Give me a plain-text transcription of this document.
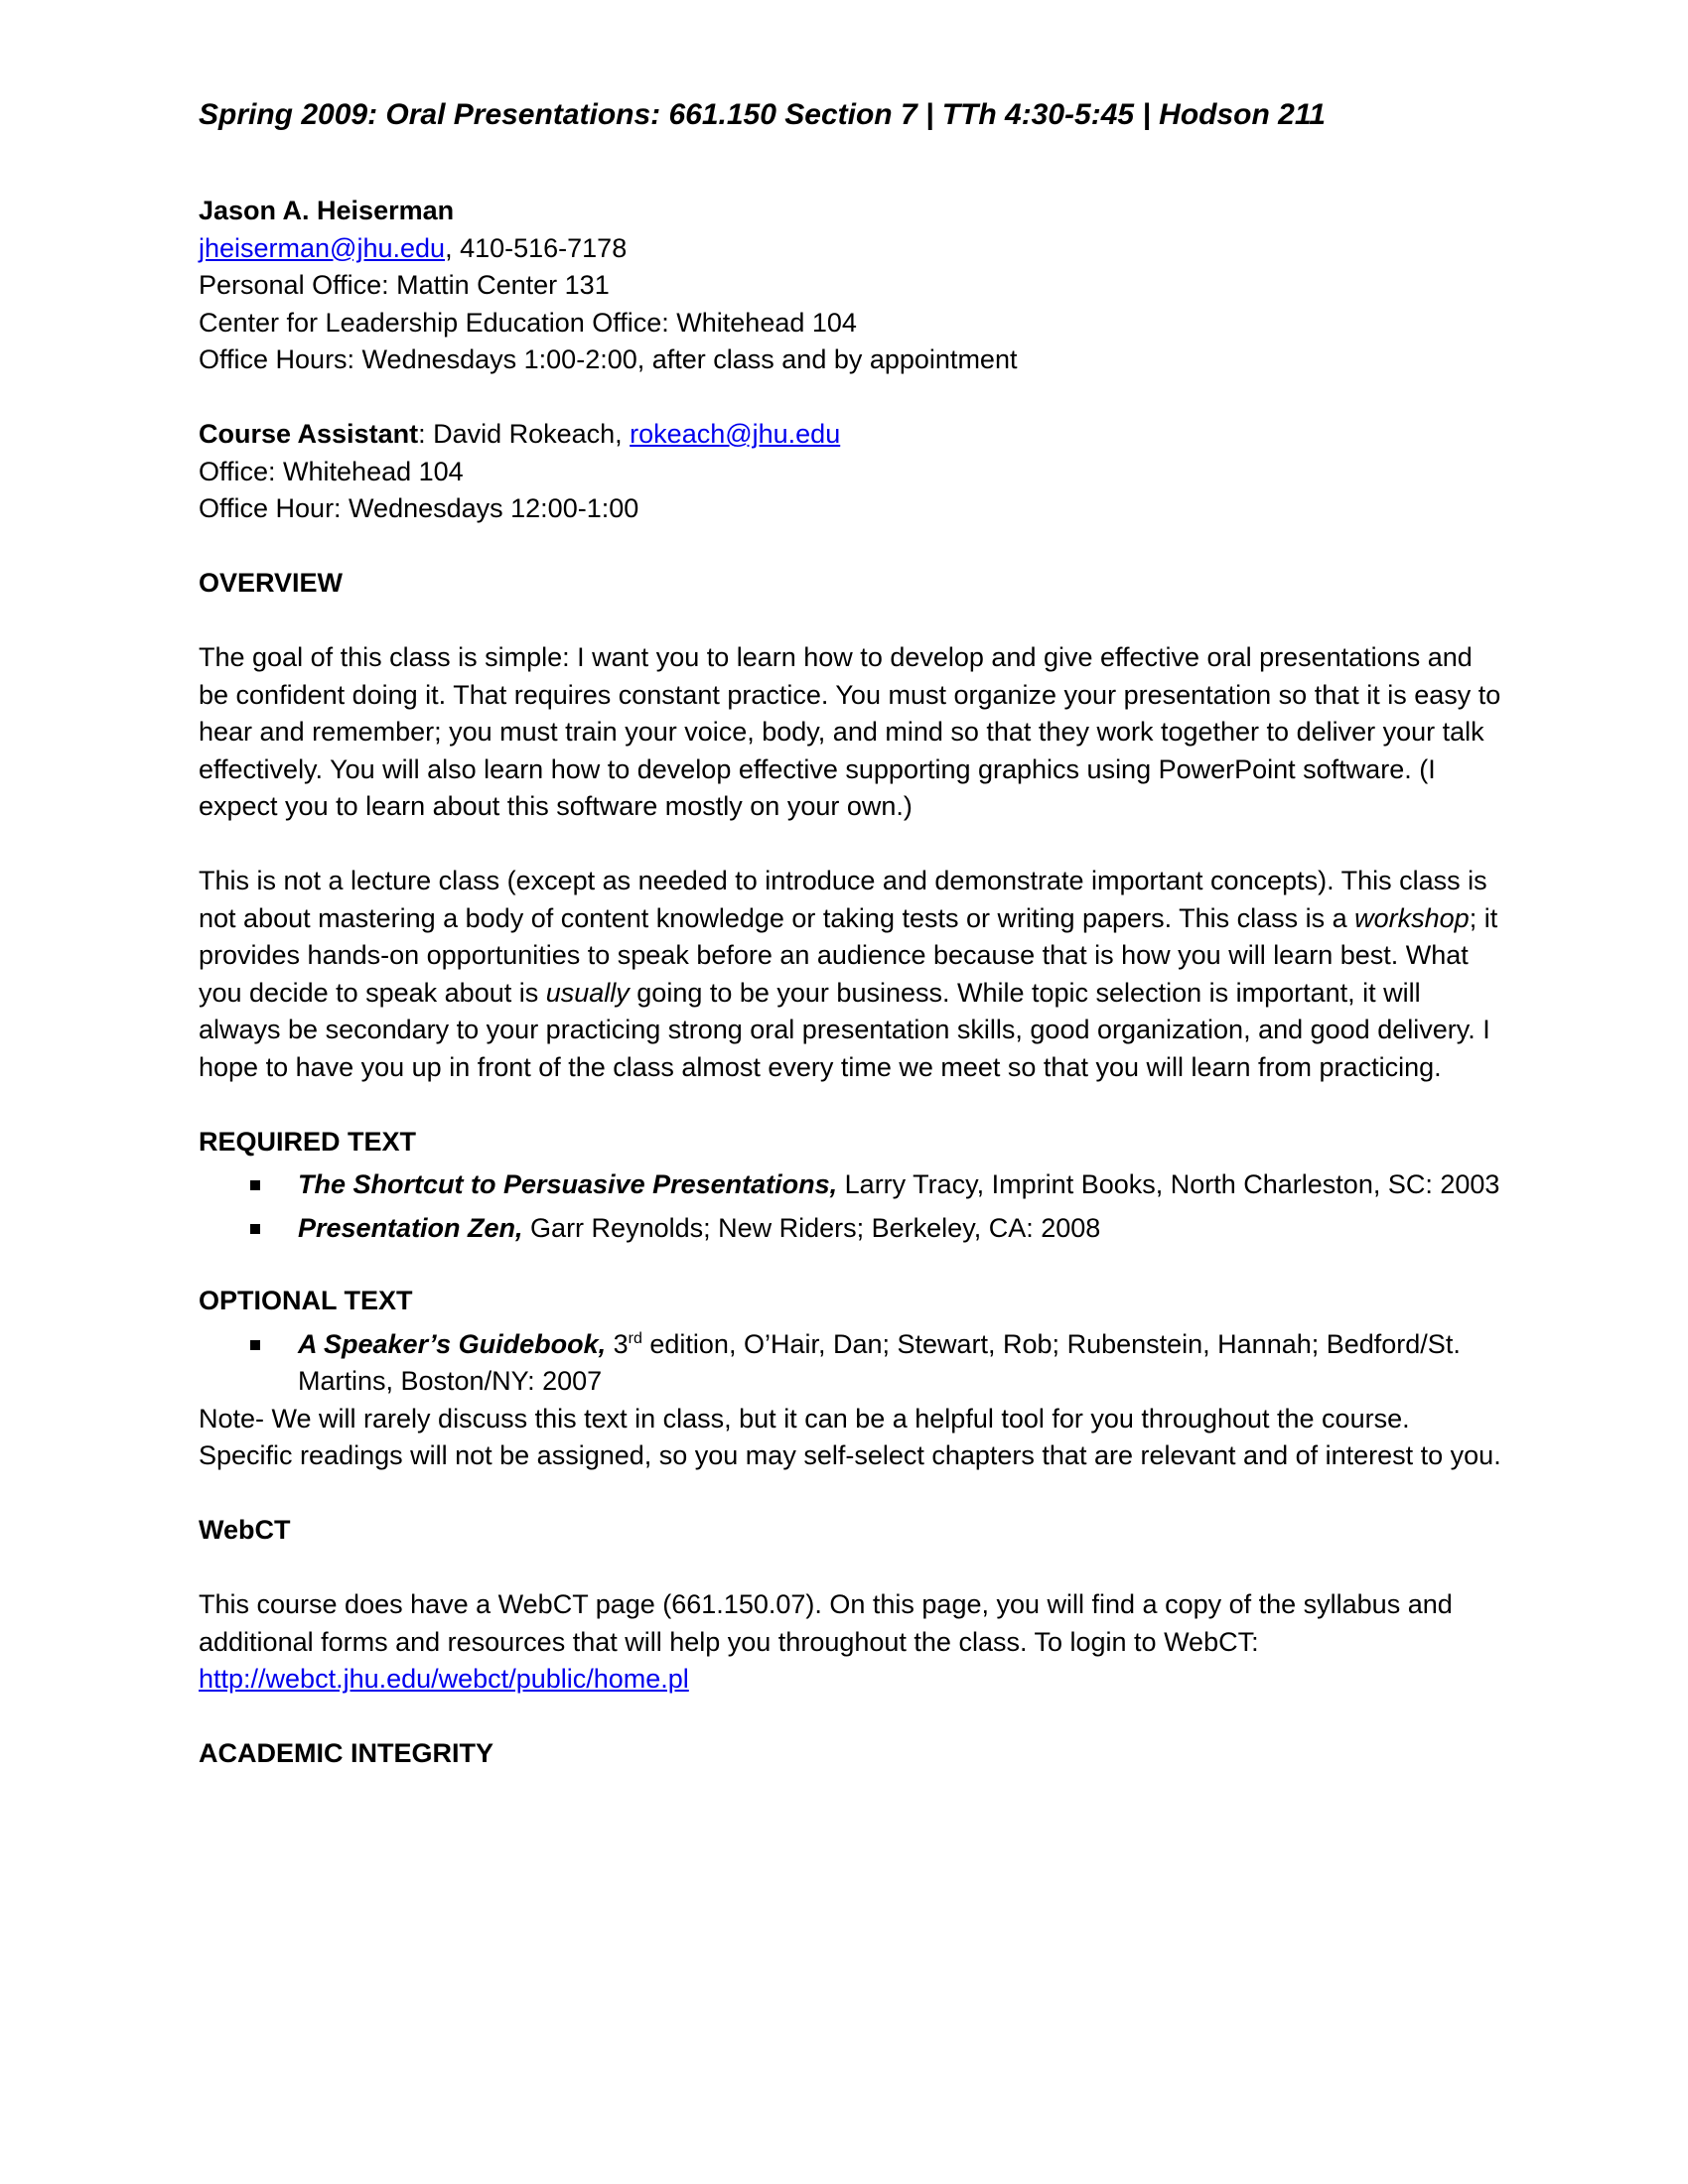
Spring 2009: Oral Presentations: 661.150 Section 7 | TTh 4:30-5:45 | Hodson 211

Jason A. Heiserman

jheiserman@jhu.edu, 410-516-7178

Personal Office: Mattin Center 131

Center for Leadership Education Office: Whitehead 104

Office Hours: Wednesdays 1:00-2:00, after class and by appointment

Course Assistant: David Rokeach, rokeach@jhu.edu

Office: Whitehead 104

Office Hour: Wednesdays 12:00-1:00

OVERVIEW

The goal of this class is simple: I want you to learn how to develop and give effective oral presentations and be confident doing it. That requires constant practice. You must organize your presentation so that it is easy to hear and remember; you must train your voice, body, and mind so that they work together to deliver your talk effectively. You will also learn how to develop effective supporting graphics using PowerPoint software. (I expect you to learn about this software mostly on your own.)

This is not a lecture class (except as needed to introduce and demonstrate important concepts). This class is not about mastering a body of content knowledge or taking tests or writing papers. This class is a workshop; it provides hands-on opportunities to speak before an audience because that is how you will learn best. What you decide to speak about is usually going to be your business. While topic selection is important, it will always be secondary to your practicing strong oral presentation skills, good organization, and good delivery. I hope to have you up in front of the class almost every time we meet so that you will learn from practicing.

REQUIRED TEXT

The Shortcut to Persuasive Presentations, Larry Tracy, Imprint Books, North Charleston, SC: 2003
Presentation Zen, Garr Reynolds; New Riders; Berkeley, CA: 2008

OPTIONAL TEXT

A Speaker’s Guidebook, 3rd edition, O’Hair, Dan; Stewart, Rob; Rubenstein, Hannah; Bedford/St. Martins, Boston/NY: 2007

Note- We will rarely discuss this text in class, but it can be a helpful tool for you throughout the course. Specific readings will not be assigned, so you may self-select chapters that are relevant and of interest to you.

WebCT

This course does have a WebCT page (661.150.07). On this page, you will find a copy of the syllabus and additional forms and resources that will help you throughout the class. To login to WebCT: http://webct.jhu.edu/webct/public/home.pl

ACADEMIC INTEGRITY
